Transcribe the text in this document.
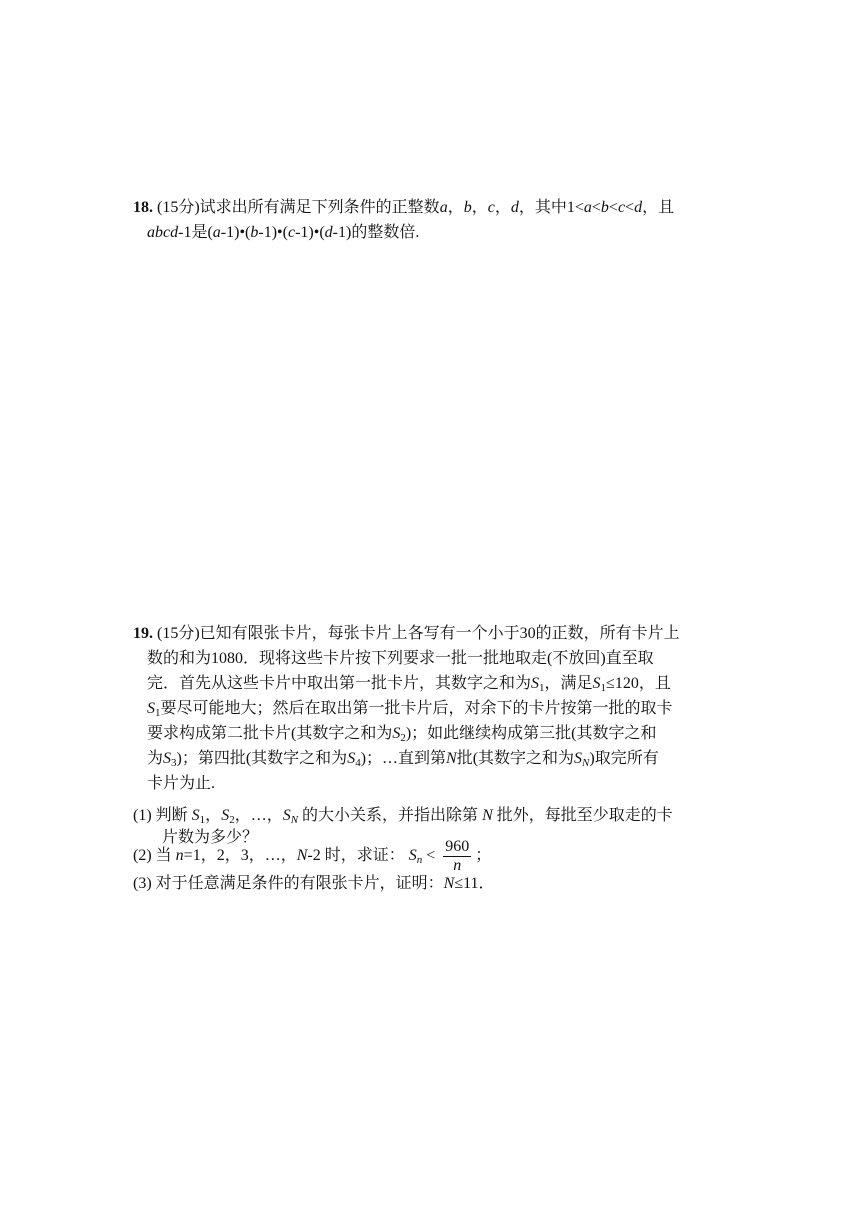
18. (15分)试求出所有满足下列条件的正整数a，b，c，d，其中1<a<b<c<d，且
abcd-1是(a-1)•(b-1)•(c-1)•(d-1)的整数倍.
19. (15分)已知有限张卡片，每张卡片上各写有一个小于30的正数，所有卡片上
数的和为1080．现将这些卡片按下列要求一批一批地取走(不放回)直至取
完．首先从这些卡片中取出第一批卡片，其数字之和为$S_1$，满足$S_1\le 120$，且
$S_1$要尽可能地大；然后在取出第一批卡片后，对余下的卡片按第一批的取卡
要求构成第二批卡片(其数字之和为$S_2$)；如此继续构成第三批(其数字之和
为$S_3$)；第四批(其数字之和为$S_4$)；…直到第N批(其数字之和为$S_N$)取完所有
卡片为止.
(1) 判断 $S_1$，$S_2$，…，$S_N$ 的大小关系，并指出除第 N 批外，每批至少取走的卡
片数为多少？
(2) 当 n=1，2，3，…，N-2 时，求证： $S_n < \frac{960}{n}$ ；
(3) 对于任意满足条件的有限张卡片，证明：N≤11．
